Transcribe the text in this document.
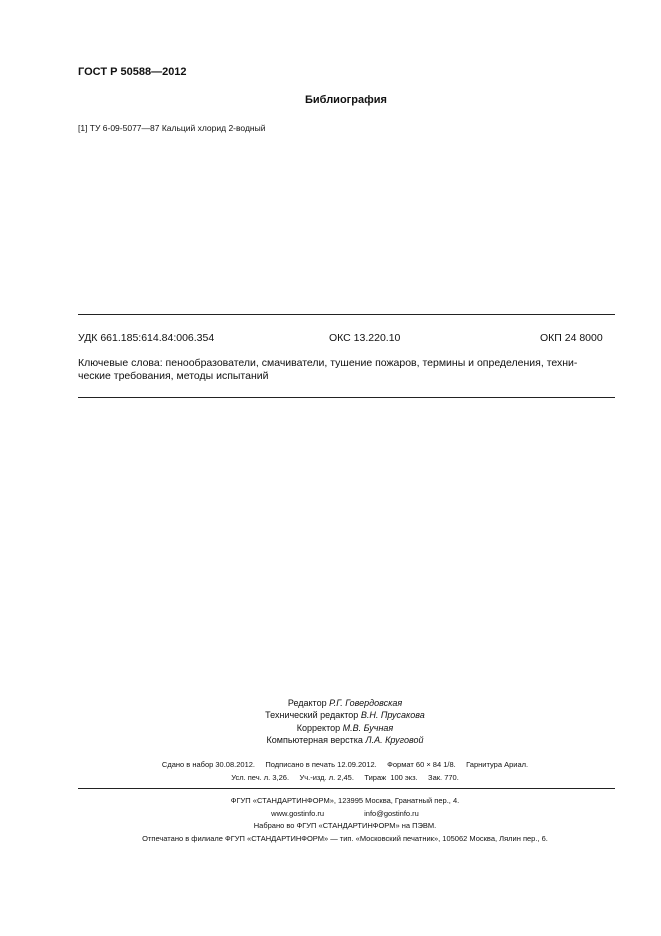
ГОСТ Р 50588—2012
Библиография
[1] ТУ 6-09-5077—87 Кальций хлорид 2-водный
УДК 661.185:614.84:006.354	ОКС 13.220.10	ОКП 24 8000
Ключевые слова: пенообразователи, смачиватели, тушение пожаров, термины и определения, техни-
ческие требования, методы испытаний
Редактор Р.Г. Говердовская
Технический редактор В.Н. Прусакова
Корректор М.В. Бучная
Компьютерная верстка Л.А. Круговой
Сдано в набор 30.08.2012.     Подписано в печать 12.09.2012.     Формат 60 × 84 1/8.     Гарнитура Ариал.
Усл. печ. л. 3,26.     Уч.-изд. л. 2,45.     Тираж  100 экз.     Зак. 770.
ФГУП «СТАНДАРТИНФОРМ», 123995 Москва, Гранатный пер., 4.
www.gostinfo.ru	info@gostinfo.ru
Набрано во ФГУП «СТАНДАРТИНФОРМ» на ПЭВМ.
Отпечатано в филиале ФГУП «СТАНДАРТИНФОРМ» — тип. «Московский печатник», 105062 Москва, Лялин пер., 6.
